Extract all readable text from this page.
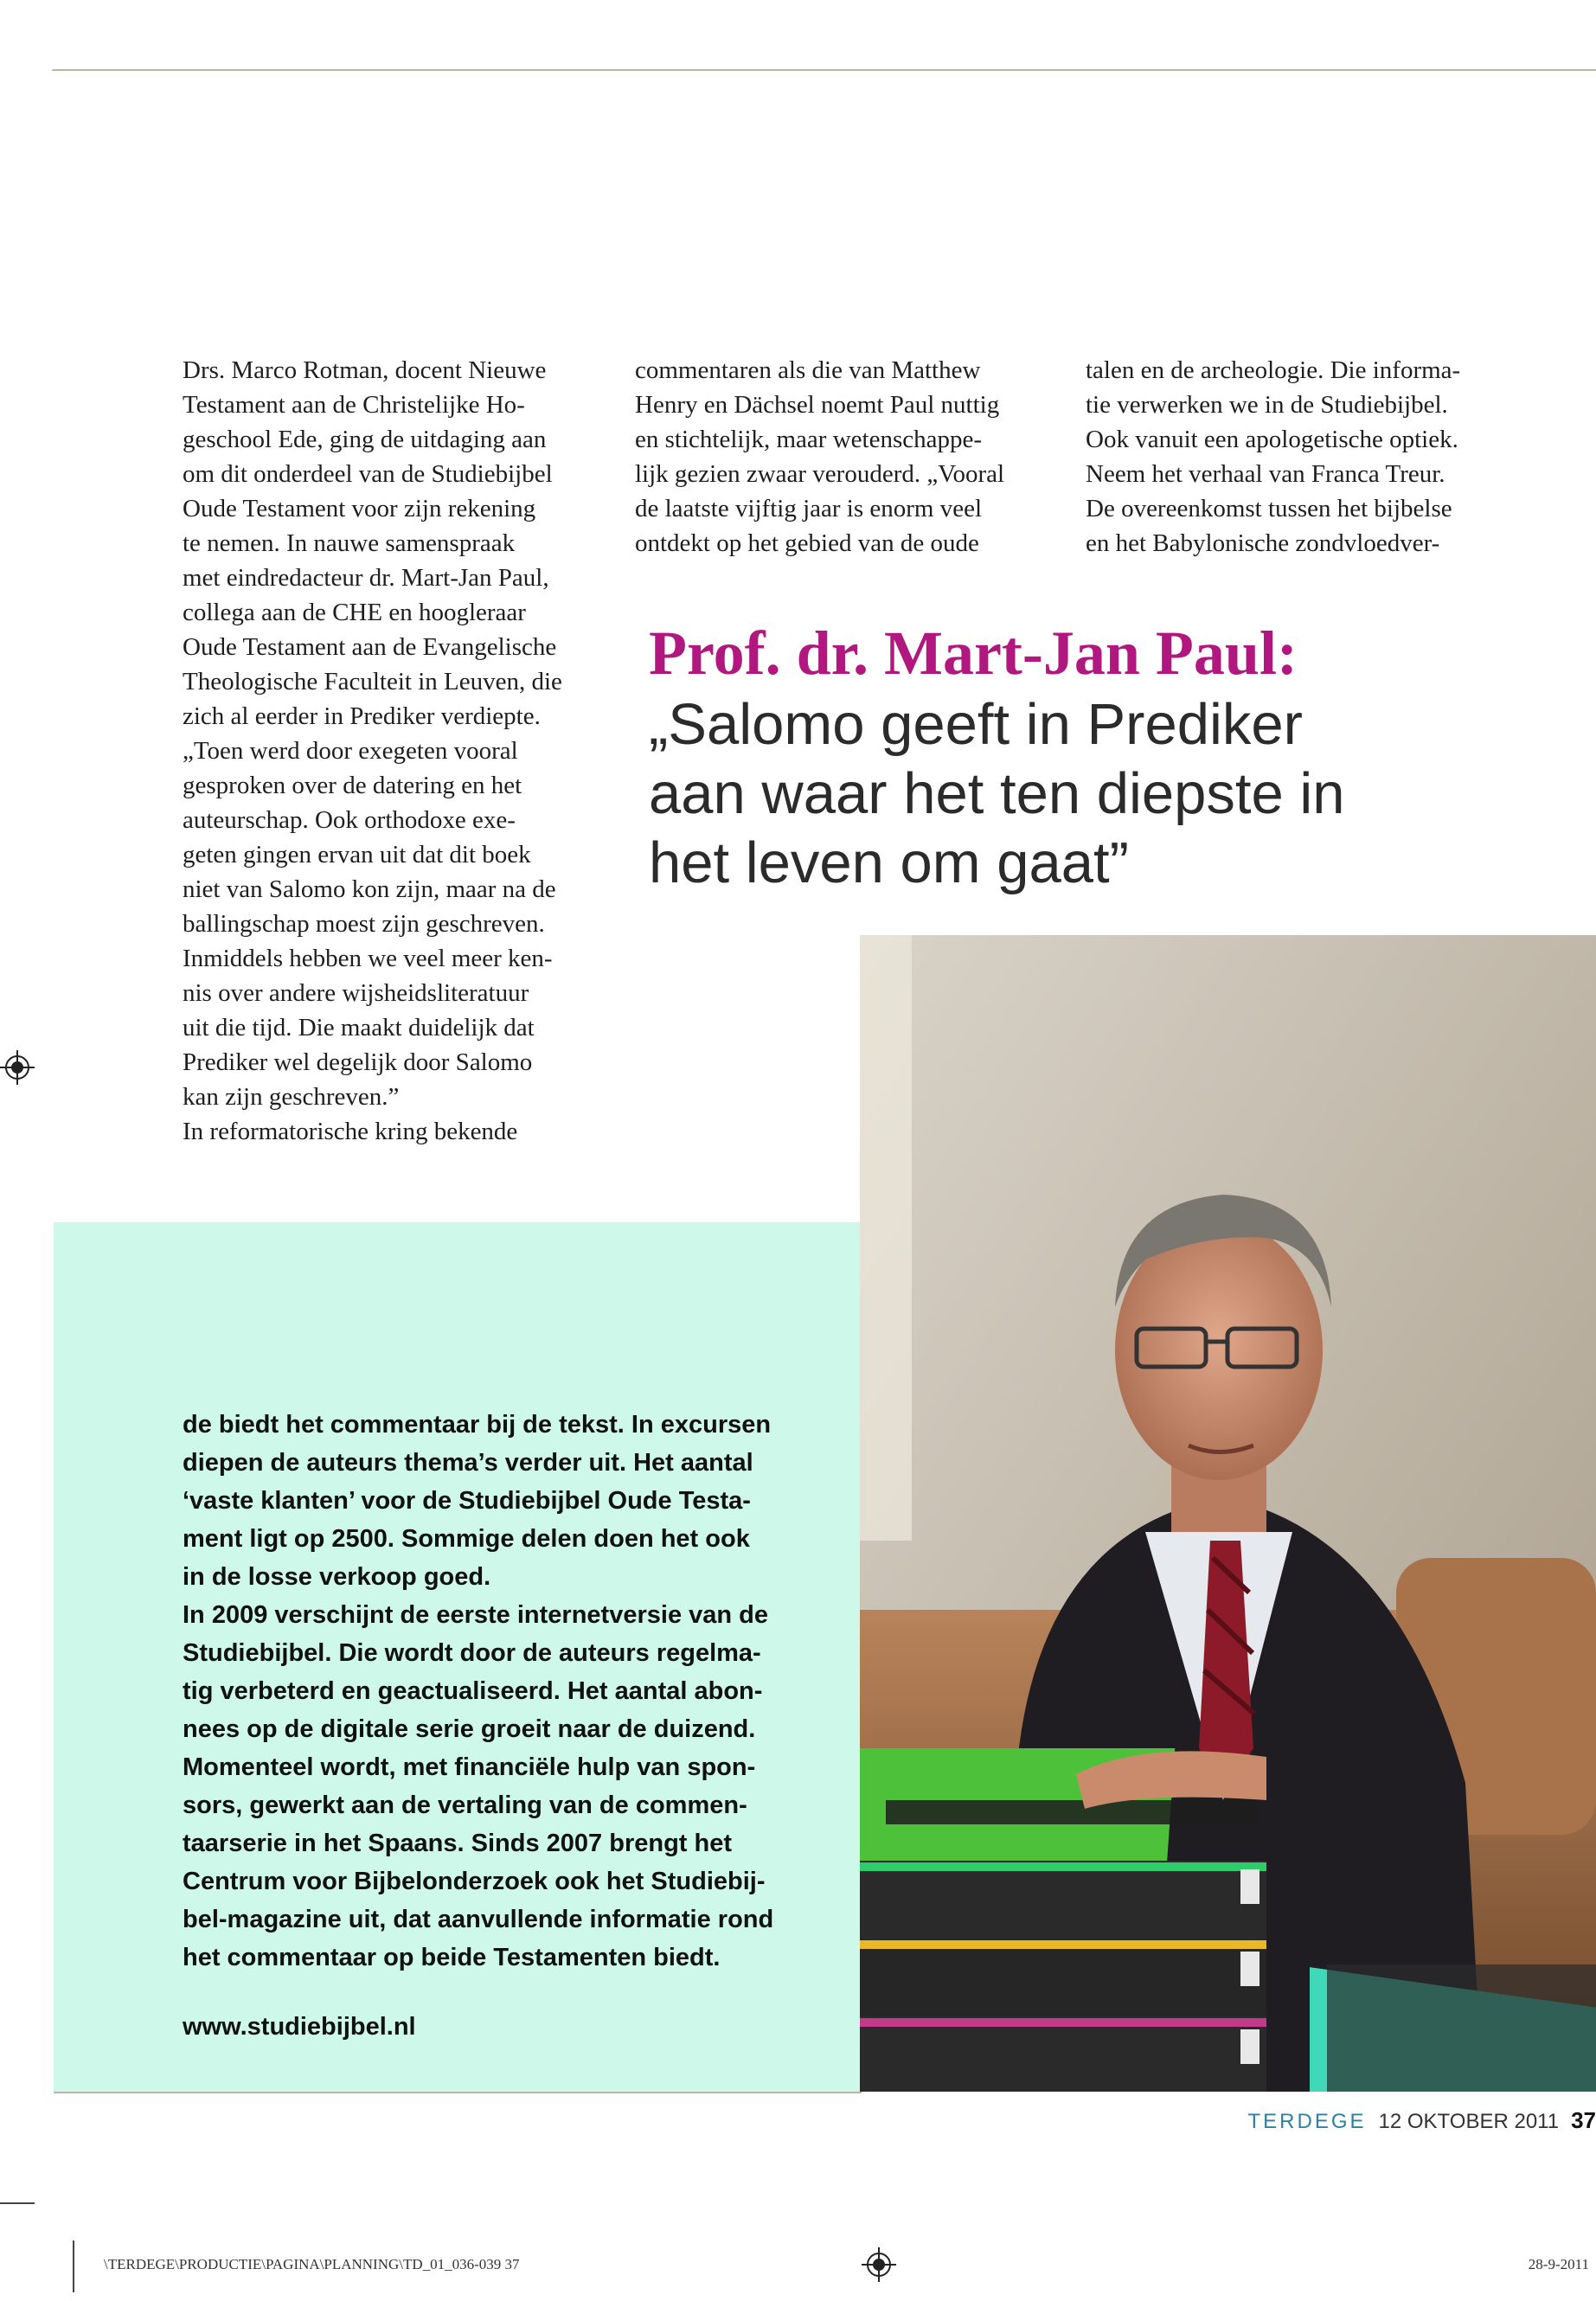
Drs. Marco Rotman, docent Nieuwe
Testament aan de Christelijke Ho-
geschool Ede, ging de uitdaging aan
om dit onderdeel van de Studiebijbel
Oude Testament voor zijn rekening
te nemen. In nauwe samenspraak
met eindredacteur dr. Mart-Jan Paul,
collega aan de CHE en hoogleraar
Oude Testament aan de Evangelische
Theologische Faculteit in Leuven, die
zich al eerder in Prediker verdiepte.
„Toen werd door exegeten vooral
gesproken over de datering en het
auteurschap. Ook orthodoxe exe-
geten gingen ervan uit dat dit boek
niet van Salomo kon zijn, maar na de
ballingschap moest zijn geschreven.
Inmiddels hebben we veel meer ken-
nis over andere wijsheidsliteratuur
uit die tijd. Die maakt duidelijk dat
Prediker wel degelijk door Salomo
kan zijn geschreven.”
In reformatorische kring bekende
commentaren als die van Matthew
Henry en Dächsel noemt Paul nuttig
en stichtelijk, maar wetenschappe-
lijk gezien zwaar verouderd. „Vooral
de laatste vijftig jaar is enorm veel
ontdekt op het gebied van de oude
talen en de archeologie. Die informa-
tie verwerken we in de Studiebijbel.
Ook vanuit een apologetische optiek.
Neem het verhaal van Franca Treur.
De overeenkomst tussen het bijbelse
en het Babylonische zondvloedver-
Prof. dr. Mart-Jan Paul:
„Salomo geeft in Prediker
aan waar het ten diepste in
het leven om gaat”
de biedt het commentaar bij de tekst. In excursen
diepen de auteurs thema’s verder uit. Het aantal
‘vaste klanten’ voor de Studiebijbel Oude Testa-
ment ligt op 2500. Sommige delen doen het ook
in de losse verkoop goed.
In 2009 verschijnt de eerste internetversie van de
Studiebijbel. Die wordt door de auteurs regelma-
tig verbeterd en geactualiseerd. Het aantal abon-
nees op de digitale serie groeit naar de duizend.
Momenteel wordt, met financiële hulp van spon-
sors, gewerkt aan de vertaling van de commen-
taarserie in het Spaans. Sinds 2007 brengt het
Centrum voor Bijbelonderzoek ook het Studiebij-
bel-magazine uit, dat aanvullende informatie rond
het commentaar op beide Testamenten biedt.
www.studiebijbel.nl
TERDEGE 12 OKTOBER 2011 37
\TERDEGE\PRODUCTIE\PAGINA\PLANNING\TD_01_036-039 37	28-9-2011
